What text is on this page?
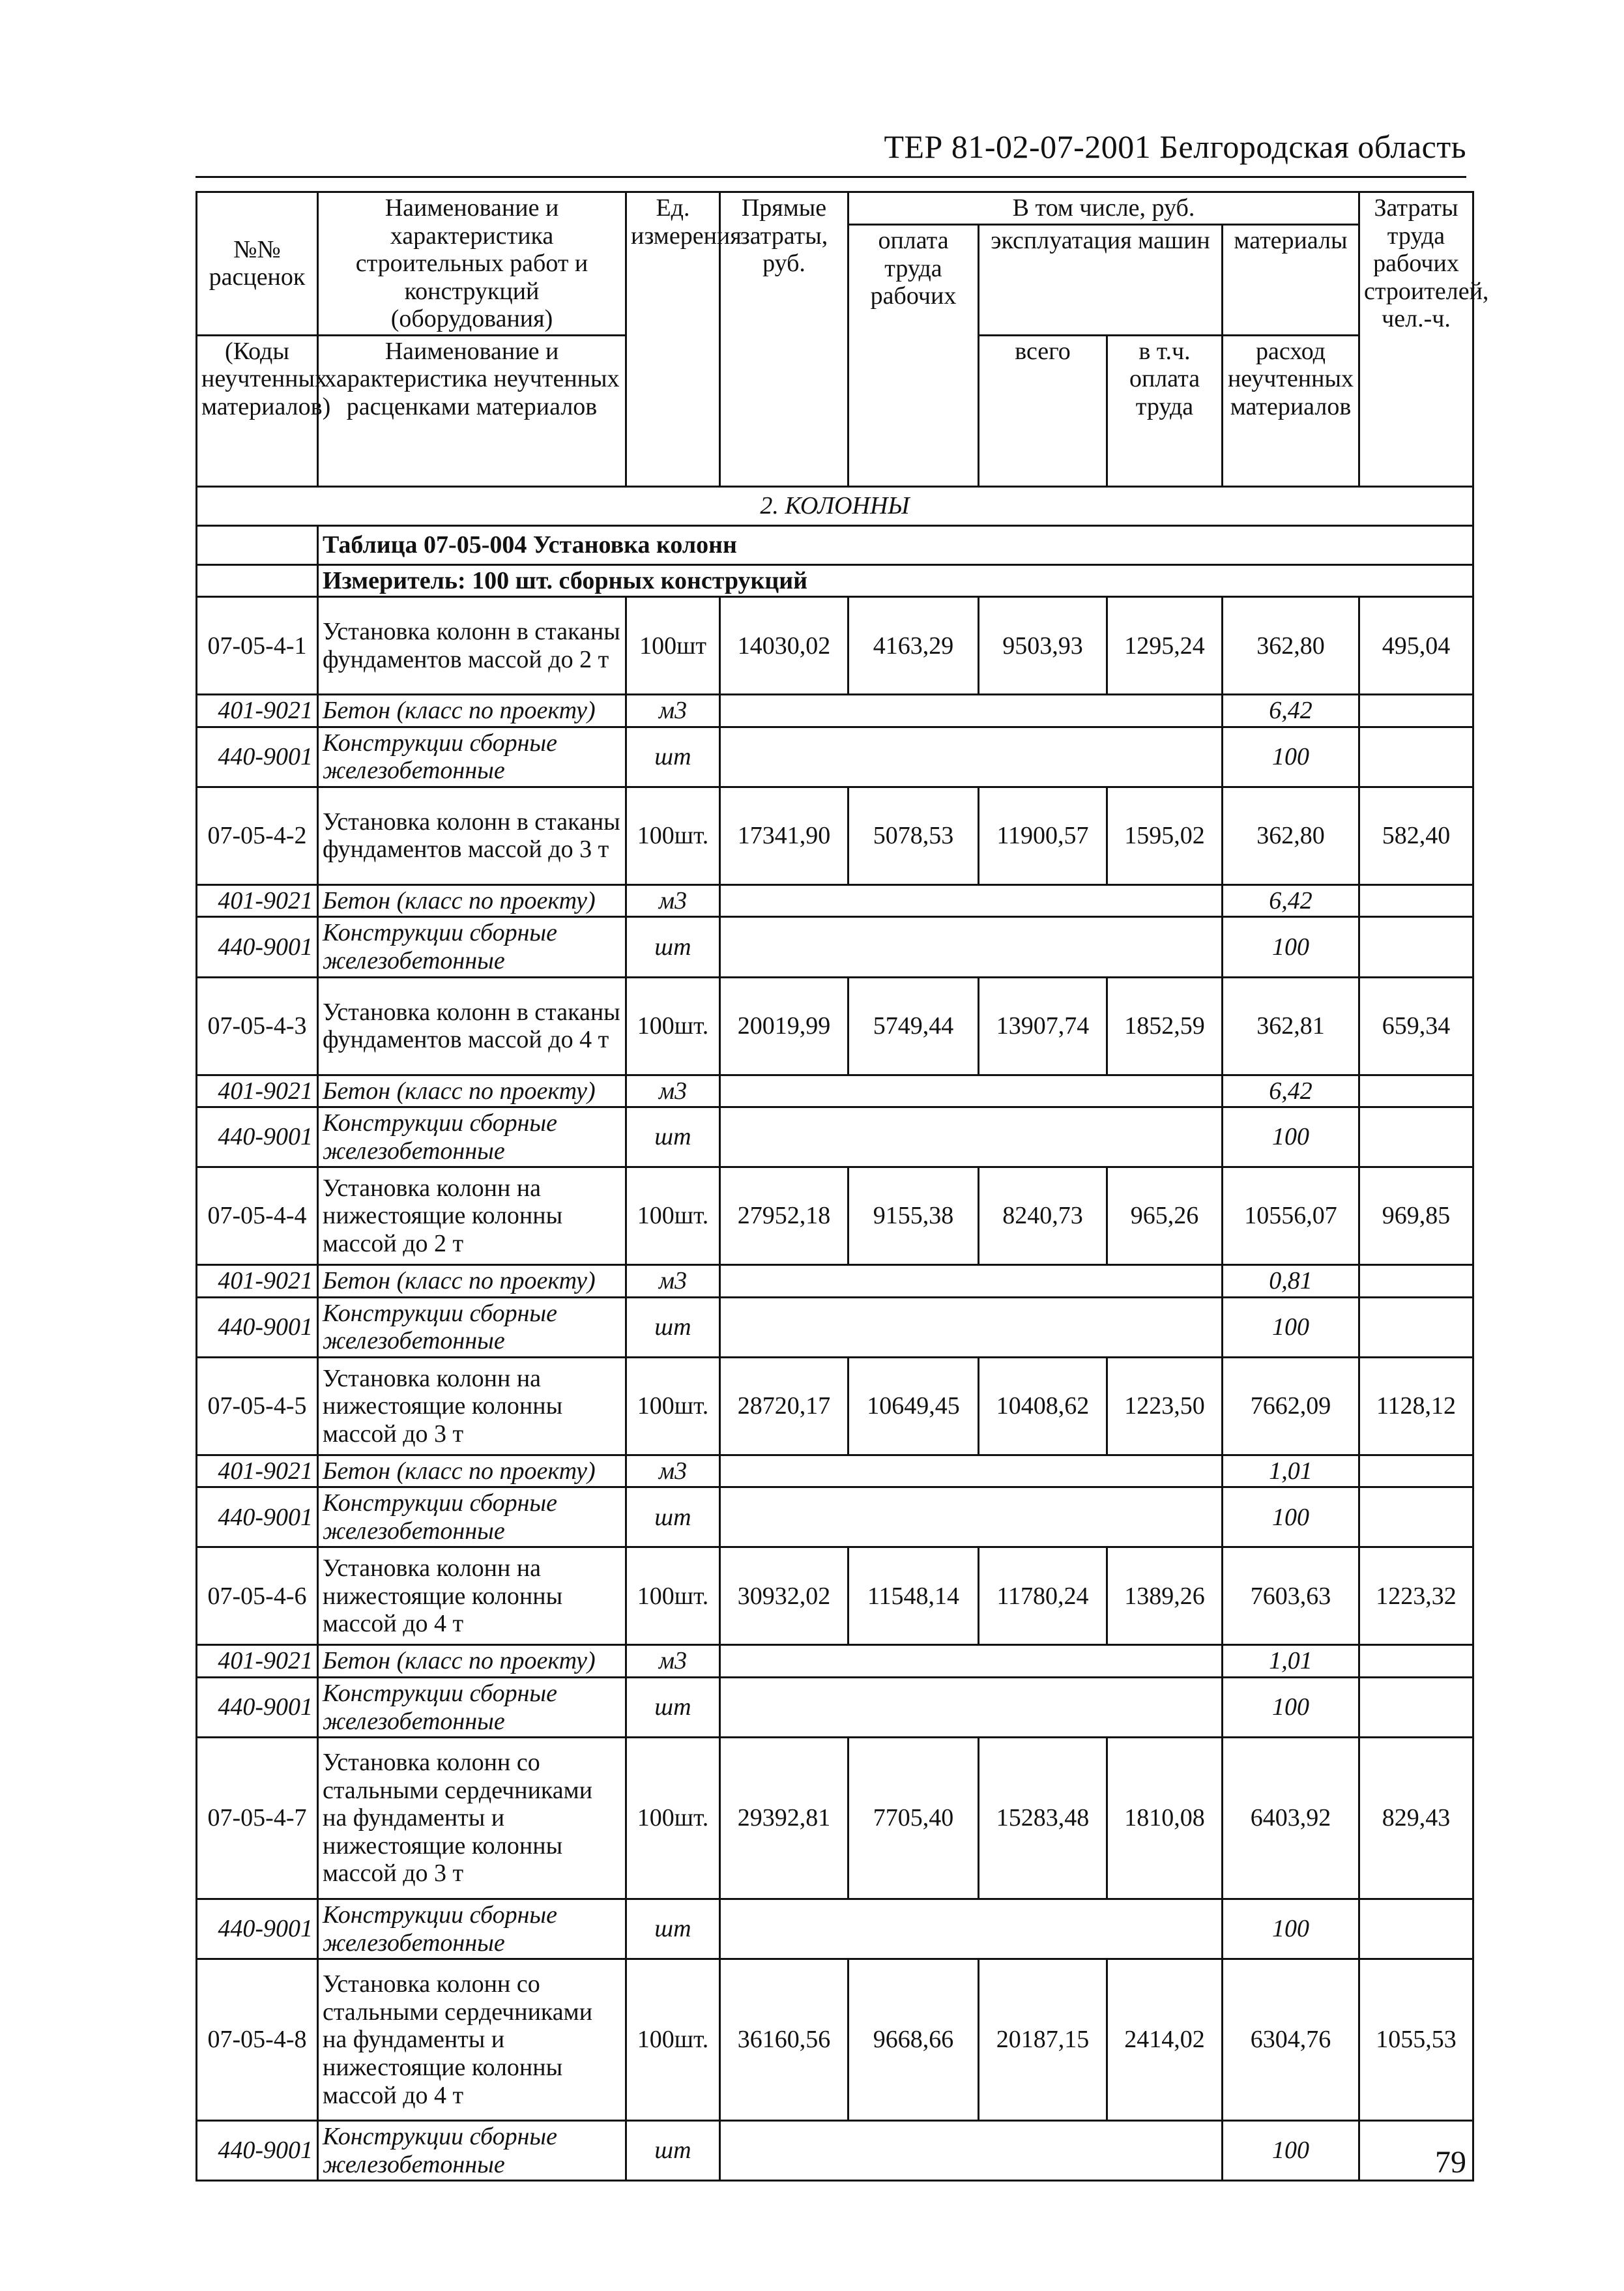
ТЕР 81-02-07-2001 Белгородская область
№№ расценок	Наименование и характеристика строительных работ и конструкций (оборудования)	Ед. измерения	Прямые затраты, руб.	В том числе, руб.				Затраты труда рабочих строителей, чел.-ч.
				оплата труда рабочих	эксплуатация машин		материалы	
(Коды неучтенных материалов)	Наименование и характеристика неучтенных расценками материалов				всего	в т.ч. оплата труда	расход неучтенных материалов	
2. КОЛОННЫ								
	Таблица 07-05-004 Установка колонн							
	Измеритель: 100 шт. сборных конструкций							
07-05-4-1	Установка колонн в стаканы фундаментов массой до 2 т	100шт	14030,02	4163,29	9503,93	1295,24	362,80	495,04
401-9021	Бетон (класс по проекту)	м3					6,42	
440-9001	Конструкции сборные железобетонные	шт					100	
07-05-4-2	Установка колонн в стаканы фундаментов массой до 3 т	100шт.	17341,90	5078,53	11900,57	1595,02	362,80	582,40
401-9021	Бетон (класс по проекту)	м3					6,42	
440-9001	Конструкции сборные железобетонные	шт					100	
07-05-4-3	Установка колонн в стаканы фундаментов массой до 4 т	100шт.	20019,99	5749,44	13907,74	1852,59	362,81	659,34
401-9021	Бетон (класс по проекту)	м3					6,42	
440-9001	Конструкции сборные железобетонные	шт					100	
07-05-4-4	Установка колонн на нижестоящие колонны массой до 2 т	100шт.	27952,18	9155,38	8240,73	965,26	10556,07	969,85
401-9021	Бетон (класс по проекту)	м3					0,81	
440-9001	Конструкции сборные железобетонные	шт					100	
07-05-4-5	Установка колонн на нижестоящие колонны массой до 3 т	100шт.	28720,17	10649,45	10408,62	1223,50	7662,09	1128,12
401-9021	Бетон (класс по проекту)	м3					1,01	
440-9001	Конструкции сборные железобетонные	шт					100	
07-05-4-6	Установка колонн на нижестоящие колонны массой до 4 т	100шт.	30932,02	11548,14	11780,24	1389,26	7603,63	1223,32
401-9021	Бетон (класс по проекту)	м3					1,01	
440-9001	Конструкции сборные железобетонные	шт					100	
07-05-4-7	Установка колонн со стальными сердечниками на фундаменты и нижестоящие колонны массой до 3 т	100шт.	29392,81	7705,40	15283,48	1810,08	6403,92	829,43
440-9001	Конструкции сборные железобетонные	шт					100	
07-05-4-8	Установка колонн со стальными сердечниками на фундаменты и нижестоящие колонны массой до 4 т	100шт.	36160,56	9668,66	20187,15	2414,02	6304,76	1055,53
440-9001	Конструкции сборные железобетонные	шт					100		79
